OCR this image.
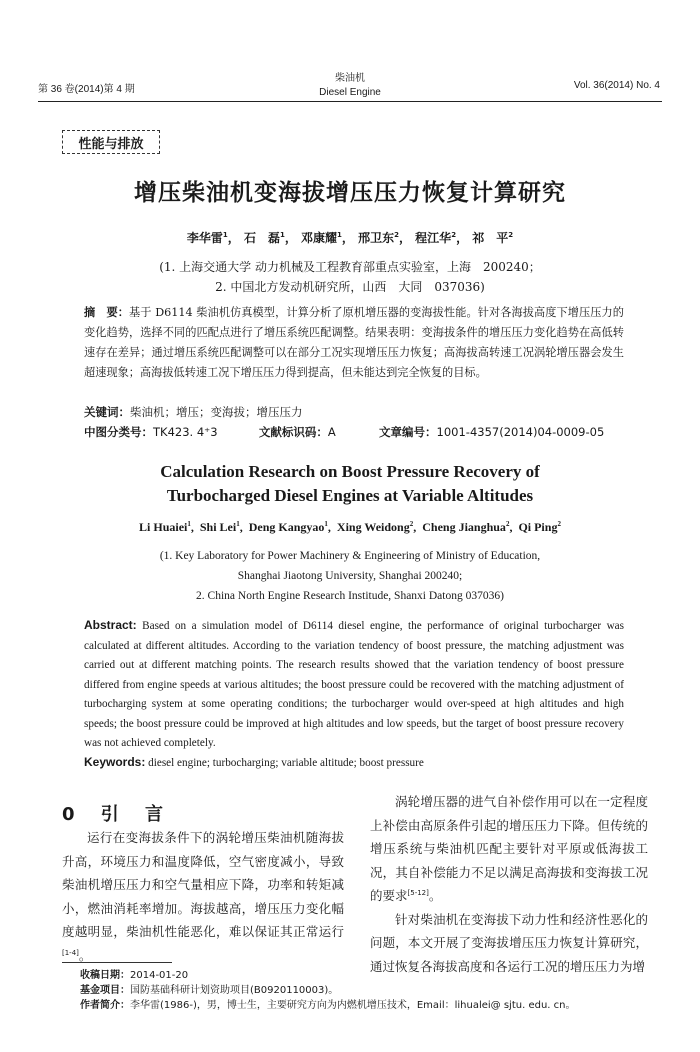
第 36 卷(2014)第 4 期
柴油机
Diesel Engine
Vol. 36(2014) No. 4
性能与排放
增压柴油机变海拔增压压力恢复计算研究
李华雷$^1$， 石　磊$^1$， 邓康耀$^1$， 邢卫东$^2$， 程江华$^2$， 祁　平$^2$
(1. 上海交通大学 动力机械及工程教育部重点实验室，上海　200240；
2. 中国北方发动机研究所，山西　大同　037036)
摘　要：基于 D6114 柴油机仿真模型，计算分析了原机增压器的变海拔性能。针对各海拔高度下增压压力的变化趋势，选择不同的匹配点进行了增压系统匹配调整。结果表明：变海拔条件的增压压力变化趋势在高低转速存在差异；通过增压系统匹配调整可以在部分工况实现增压压力恢复；高海拔高转速工况涡轮增压器会发生超速现象；高海拔低转速工况下增压压力得到提高，但未能达到完全恢复的目标。
关键词：柴油机；增压；变海拔；增压压力
中图分类号：TK423. 4⁺3	文献标识码：A	文章编号：1001-4357(2014)04-0009-05
Calculation Research on Boost Pressure Recovery of
Turbocharged Diesel Engines at Variable Altitudes
Li Huaiei$^1$,  Shi Lei$^1$,  Deng Kangyao$^1$,  Xing Weidong$^2$,  Cheng Jianghua$^2$,  Qi Ping$^2$
(1. Key Laboratory for Power Machinery & Engineering of Ministry of Education,
Shanghai Jiaotong University, Shanghai 200240;
2. China North Engine Research Institude, Shanxi Datong 037036)
Abstract: Based on a simulation model of D6114 diesel engine, the performance of original turbocharger was calculated at different altitudes. According to the variation tendency of boost pressure, the matching adjustment was carried out at different matching points. The research results showed that the variation tendency of boost pressure differed from engine speeds at various altitudes; the boost pressure could be recovered with the matching adjustment of turbocharging system at some operating conditions; the turbocharger would over-speed at high altitudes and high speeds; the boost pressure could be improved at high altitudes and low speeds, but the target of boost pressure recovery was not achieved completely.
Keywords: diesel engine; turbocharging; variable altitude; boost pressure
0 引 言

运行在变海拔条件下的涡轮增压柴油机随海拔升高，环境压力和温度降低，空气密度减小，导致柴油机增压压力和空气量相应下降，功率和转矩减小，燃油消耗率增加。海拔越高，增压压力变化幅度越明显，柴油机性能恶化，难以保证其正常运行[1-4]。

涡轮增压器的进气自补偿作用可以在一定程度上补偿由高原条件引起的增压压力下降。但传统的增压系统与柴油机匹配主要针对平原或低海拔工况，其自补偿能力不足以满足高海拔和变海拔工况的要求[5-12]。

针对柴油机在变海拔下动力性和经济性恶化的问题，本文开展了变海拔增压压力恢复计算研究，通过恢复各海拔高度和各运行工况的增压压力为增

收稿日期：2014-01-20
基金项目：国防基础科研计划资助项目(B0920110003)。
作者简介：李华雷(1986-)，男，博士生，主要研究方向为内燃机增压技术，Email：lihualei@ sjtu. edu. cn。
